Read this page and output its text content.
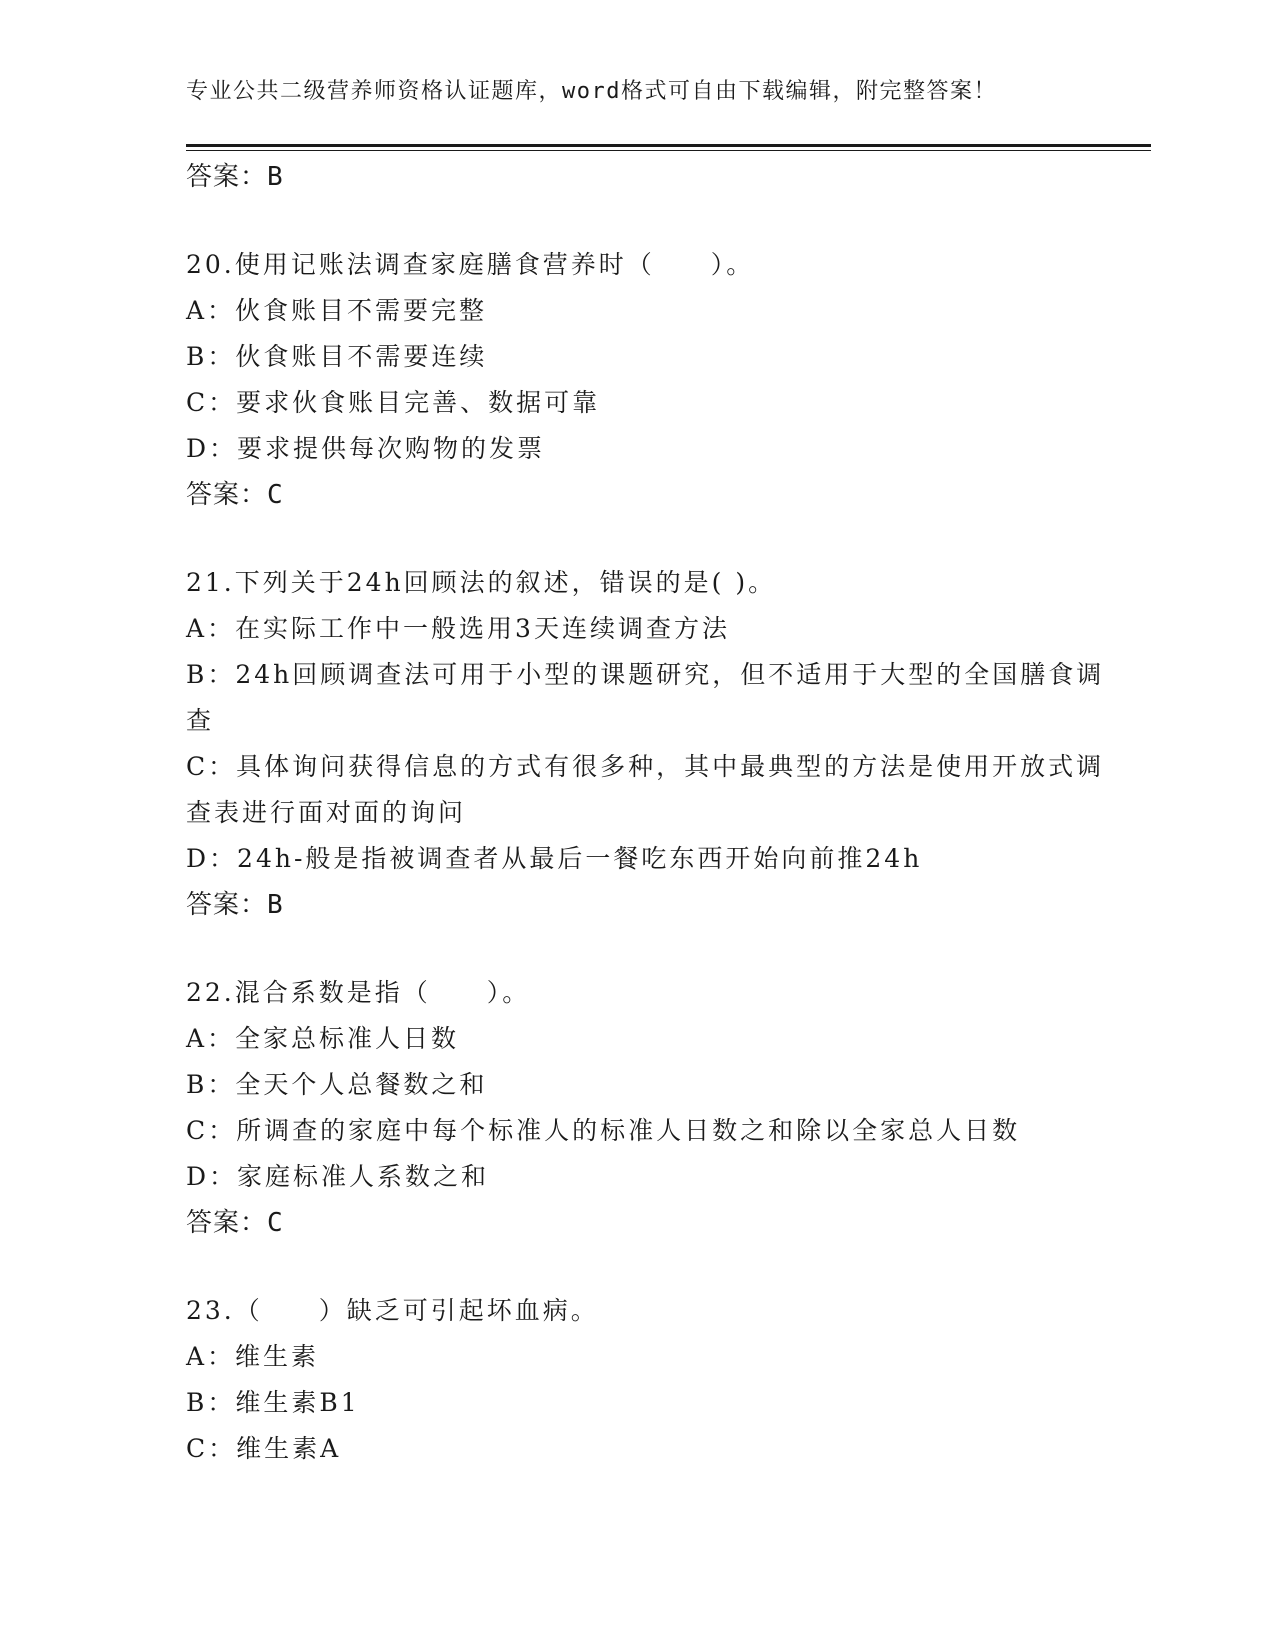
专业公共二级营养师资格认证题库，word格式可自由下载编辑，附完整答案！
答案：B
20.使用记账法调查家庭膳食营养时（　　）。
A：伙食账目不需要完整
B：伙食账目不需要连续
C：要求伙食账目完善、数据可靠
D：要求提供每次购物的发票
答案：C
21.下列关于24h回顾法的叙述，错误的是( )。
A：在实际工作中一般选用3天连续调查方法
B：24h回顾调查法可用于小型的课题研究，但不适用于大型的全国膳食调查
C：具体询问获得信息的方式有很多种，其中最典型的方法是使用开放式调查表进行面对面的询问
D：24h-般是指被调查者从最后一餐吃东西开始向前推24h
答案：B
22.混合系数是指（　　）。
A：全家总标准人日数
B：全天个人总餐数之和
C：所调查的家庭中每个标准人的标准人日数之和除以全家总人日数
D：家庭标准人系数之和
答案：C
23.（　　）缺乏可引起坏血病。
A：维生素
B：维生素B1
C：维生素A
